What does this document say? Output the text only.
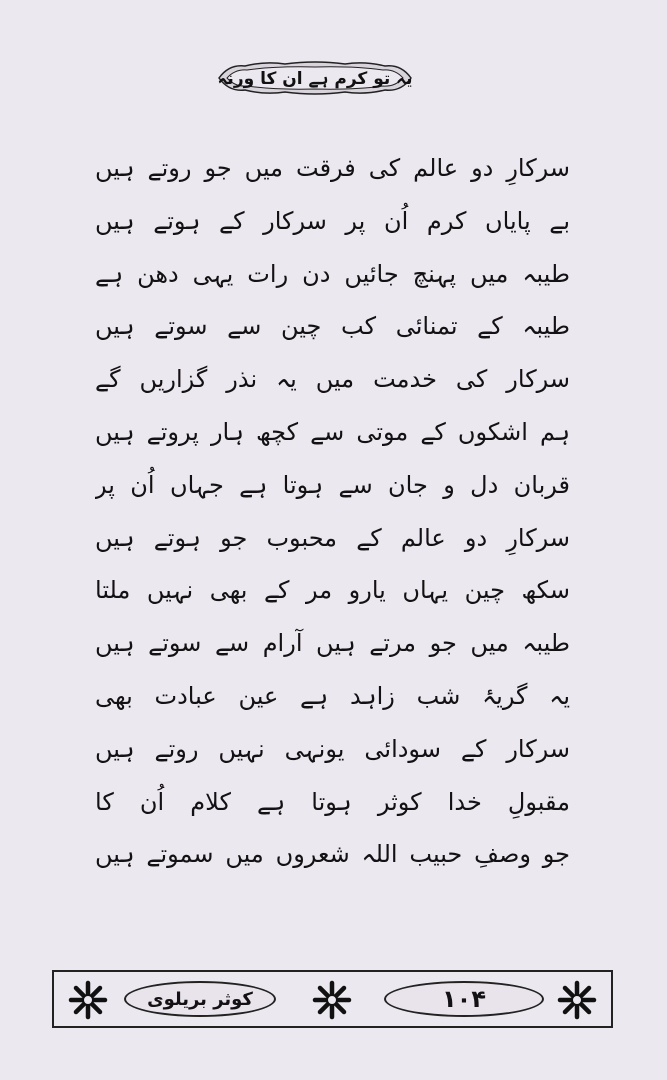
یہ تو کرم ہے ان کا ورنہ
سرکارِ دو عالم کی فرقت میں جو روتے ہیں
بے پایاں کرم اُن پر سرکار کے ہوتے ہیں
طیبہ میں پہنچ جائیں دن رات یہی دھن ہے
طیبہ کے تمنائی کب چین سے سوتے ہیں
سرکار کی خدمت میں یہ نذر گزاریں گے
ہم اشکوں کے موتی سے کچھ ہار پروتے ہیں
قربان دل و جان سے ہوتا ہے جہاں اُن پر
سرکارِ دو عالم کے محبوب جو ہوتے ہیں
سکھ چین یہاں یارو مر کے بھی نہیں ملتا
طیبہ میں جو مرتے ہیں آرام سے سوتے ہیں
یہ گریۂ شب زاہد ہے عین عبادت بھی
سرکار کے سودائی یونہی نہیں روتے ہیں
مقبولِ خدا کوثر ہوتا ہے کلام اُن کا
جو وصفِ حبیب اللہ شعروں میں سموتے ہیں
کوثر بریلوی	۱۰۴
